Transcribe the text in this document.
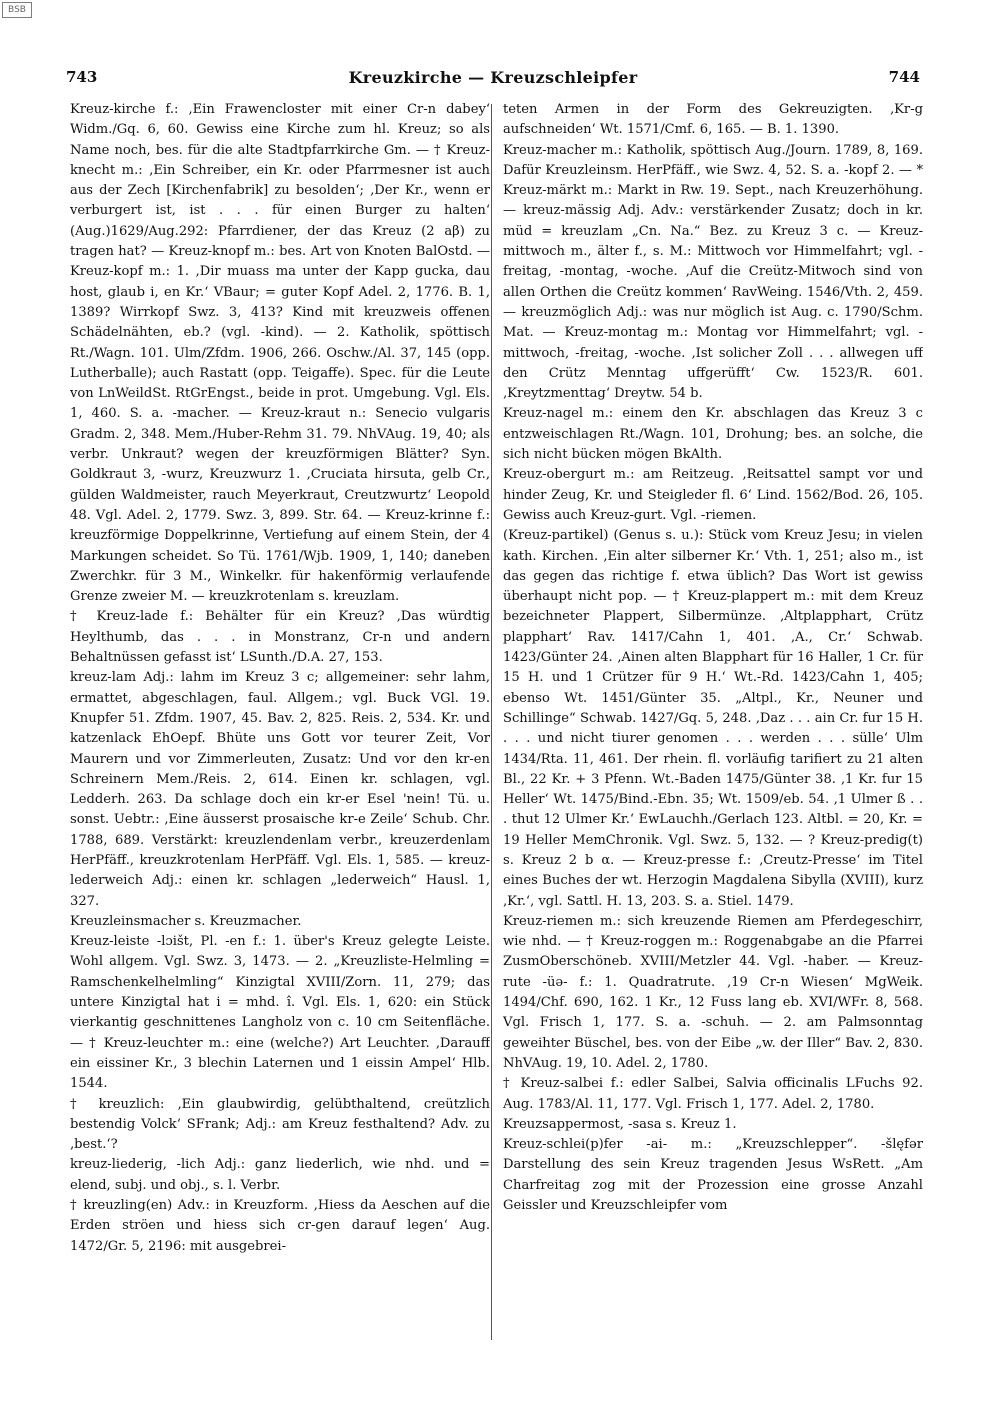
BSB
743	Kreuzkirche — Kreuzschleipfer	744

Kreuz-kirche f.: ‚Ein Frawencloster mit einer Cr-n dabey‘ Widm./Gq. 6, 60. Gewiss eine Kirche zum hl. Kreuz; so als Name noch, bes. für die alte Stadtpfarrkirche Gm. — † Kreuz-knecht m.: ‚Ein Schreiber, ein Kr. oder Pfarrmesner ist auch aus der Zech [Kirchenfabrik] zu besolden‘; ‚Der Kr., wenn er verburgert ist, ist . . . für einen Burger zu halten‘ (Aug.)1629/Aug.292: Pfarrdiener, der das Kreuz (2 aβ) zu tragen hat? — Kreuz-knopf m.: bes. Art von Knoten BalOstd. — Kreuz-kopf m.: 1. ‚Dir muass ma unter der Kapp gucka, dau host, glaub i, en Kr.‘ VBaur; = guter Kopf Adel. 2, 1776. B. 1, 1389? Wirrkopf Swz. 3, 413? Kind mit kreuzweis offenen Schädelnähten, eb.? (vgl. -kind). — 2. Katholik, spöttisch Rt./Wagn. 101. Ulm/Zfdm. 1906, 266. Oschw./Al. 37, 145 (opp. Lutherballe); auch Rastatt (opp. Teigaffe). Spec. für die Leute von LnWeildSt. RtGrEngst., beide in prot. Umgebung. Vgl. Els. 1, 460. S. a. -macher. — Kreuz-kraut n.: Senecio vulgaris Gradm. 2, 348. Mem./Huber-Rehm 31. 79. NhVAug. 19, 40; als verbr. Unkraut? wegen der kreuzförmigen Blätter? Syn. Goldkraut 3, -wurz, Kreuzwurz 1. ‚Cruciata hirsuta, gelb Cr., gülden Waldmeister, rauch Meyerkraut, Creutzwurtz‘ Leopold 48. Vgl. Adel. 2, 1779. Swz. 3, 899. Str. 64. — Kreuz-krinne f.: kreuzförmige Doppelkrinne, Vertiefung auf einem Stein, der 4 Markungen scheidet. So Tü. 1761/Wjb. 1909, 1, 140; daneben Zwerchkr. für 3 M., Winkelkr. für hakenförmig verlaufende Grenze zweier M. — kreuzkrotenlam s. kreuzlam.

† Kreuz-lade f.: Behälter für ein Kreuz? ‚Das würdtig Heylthumb, das . . . in Monstranz, Cr-n und andern Behaltnüssen gefasst ist‘ LSunth./D.A. 27, 153.

kreuz-lam Adj.: lahm im Kreuz 3 c; allgemeiner: sehr lahm, ermattet, abgeschlagen, faul. Allgem.; vgl. Buck VGl. 19. Knupfer 51. Zfdm. 1907, 45. Bav. 2, 825. Reis. 2, 534. Kr. und katzenlack EhOepf. Bhüte uns Gott vor teurer Zeit, Vor Maurern und vor Zimmerleuten, Zusatz: Und vor den kr-en Schreinern Mem./Reis. 2, 614. Einen kr. schlagen, vgl. Ledderh. 263. Da schlage doch ein kr-er Esel 'nein! Tü. u. sonst. Uebtr.: ‚Eine äusserst prosaische kr-e Zeile‘ Schub. Chr. 1788, 689. Verstärkt: kreuzlendenlam verbr., kreuzerdenlam HerPfäff., kreuzkrotenlam HerPfäff. Vgl. Els. 1, 585. — kreuz-lederweich Adj.: einen kr. schlagen „lederweich“ Hausl. 1, 327.

Kreuzleinsmacher s. Kreuzmacher.

Kreuz-leiste -lɔišt, Pl. -en f.: 1. über's Kreuz gelegte Leiste. Wohl allgem. Vgl. Swz. 3, 1473. — 2. „Kreuzliste-Helmling = Ramschenkelhelmling“ Kinzigtal XVIII/Zorn. 11, 279; das untere Kinzigtal hat i = mhd. î. Vgl. Els. 1, 620: ein Stück vierkantig geschnittenes Langholz von c. 10 cm Seitenfläche. — † Kreuz-leuchter m.: eine (welche?) Art Leuchter. ‚Darauff ein eissiner Kr., 3 blechin Laternen und 1 eissin Ampel‘ Hlb. 1544.

† kreuzlich: ‚Ein glaubwirdig, gelübthaltend, creützlich bestendig Volck‘ SFrank; Adj.: am Kreuz festhaltend? Adv. zu ‚best.‘?

kreuz-liederig, -lich Adj.: ganz liederlich, wie nhd. und = elend, subj. und obj., s. l. Verbr.

† kreuzling(en) Adv.: in Kreuzform. ‚Hiess da Aeschen auf die Erden ströen und hiess sich cr-gen darauf legen‘ Aug. 1472/Gr. 5, 2196: mit ausgebrei-

teten Armen in der Form des Gekreuzigten. ‚Kr-g aufschneiden‘ Wt. 1571/Cmf. 6, 165. — B. 1. 1390.

Kreuz-macher m.: Katholik, spöttisch Aug./Journ. 1789, 8, 169. Dafür Kreuzleinsm. HerPfäff., wie Swz. 4, 52. S. a. -kopf 2. — * Kreuz-märkt m.: Markt in Rw. 19. Sept., nach Kreuzerhöhung. — kreuz-mässig Adj. Adv.: verstärkender Zusatz; doch in kr. müd = kreuzlam „Cn. Na.“ Bez. zu Kreuz 3 c. — Kreuz-mittwoch m., älter f., s. M.: Mittwoch vor Himmelfahrt; vgl. -freitag, -montag, -woche. ‚Auf die Creütz-Mitwoch sind von allen Orthen die Creütz kommen‘ RavWeing. 1546/Vth. 2, 459. — kreuzmöglich Adj.: was nur möglich ist Aug. c. 1790/Schm. Mat. — Kreuz-montag m.: Montag vor Himmelfahrt; vgl. -mittwoch, -freitag, -woche. ‚Ist solicher Zoll . . . allwegen uff den Crütz Menntag uffgerüfft‘ Cw. 1523/R. 601. ‚Kreytzmenttag‘ Dreytw. 54 b.

Kreuz-nagel m.: einem den Kr. abschlagen das Kreuz 3 c entzweischlagen Rt./Wagn. 101, Drohung; bes. an solche, die sich nicht bücken mögen BkAlth.

Kreuz-obergurt m.: am Reitzeug. ‚Reitsattel sampt vor und hinder Zeug, Kr. und Steigleder fl. 6‘ Lind. 1562/Bod. 26, 105. Gewiss auch Kreuz-gurt. Vgl. -riemen.

(Kreuz-partikel) (Genus s. u.): Stück vom Kreuz Jesu; in vielen kath. Kirchen. ‚Ein alter silberner Kr.‘ Vth. 1, 251; also m., ist das gegen das richtige f. etwa üblich? Das Wort ist gewiss überhaupt nicht pop. — † Kreuz-plappert m.: mit dem Kreuz bezeichneter Plappert, Silbermünze. ‚Altplapphart, Crütz plapphart‘ Rav. 1417/Cahn 1, 401. ‚A., Cr.‘ Schwab. 1423/Günter 24. ‚Ainen alten Blapphart für 16 Haller, 1 Cr. für 15 H. und 1 Crützer für 9 H.‘ Wt.-Rd. 1423/Cahn 1, 405; ebenso Wt. 1451/Günter 35. „Altpl., Kr., Neuner und Schillinge“ Schwab. 1427/Gq. 5, 248. ‚Daz . . . ain Cr. fur 15 H. . . . und nicht tiurer genomen . . . werden . . . sülle‘ Ulm 1434/Rta. 11, 461. Der rhein. fl. vorläufig tarifiert zu 21 alten Bl., 22 Kr. + 3 Pfenn. Wt.-Baden 1475/Günter 38. ‚1 Kr. fur 15 Heller‘ Wt. 1475/Bind.-Ebn. 35; Wt. 1509/eb. 54. ‚1 Ulmer ß . . . thut 12 Ulmer Kr.‘ EwLauchh./Gerlach 123. Altbl. = 20, Kr. = 19 Heller MemChronik. Vgl. Swz. 5, 132. — ? Kreuz-predig(t) s. Kreuz 2 b α. — Kreuz-presse f.: ‚Creutz-Presse‘ im Titel eines Buches der wt. Herzogin Magdalena Sibylla (XVIII), kurz ‚Kr.‘, vgl. Sattl. H. 13, 203. S. a. Stiel. 1479.

Kreuz-riemen m.: sich kreuzende Riemen am Pferdegeschirr, wie nhd. — † Kreuz-roggen m.: Roggenabgabe an die Pfarrei ZusmOberschöneb. XVIII/Metzler 44. Vgl. -haber. — Kreuz-rute -üə- f.: 1. Quadratrute. ‚19 Cr-n Wiesen‘ MgWeik. 1494/Chf. 690, 162. 1 Kr., 12 Fuss lang eb. XVI/WFr. 8, 568. Vgl. Frisch 1, 177. S. a. -schuh. — 2. am Palmsonntag geweihter Büschel, bes. von der Eibe „w. der Iller“ Bav. 2, 830. NhVAug. 19, 10. Adel. 2, 1780.

† Kreuz-salbei f.: edler Salbei, Salvia officinalis LFuchs 92. Aug. 1783/Al. 11, 177. Vgl. Frisch 1, 177. Adel. 2, 1780.

Kreuzsappermost, -sasa s. Kreuz 1.

Kreuz-schlei(p)fer -ai- m.: „Kreuzschlepper“. -šlęfər Darstellung des sein Kreuz tragenden Jesus WsRett. „Am Charfreitag zog mit der Prozession eine grosse Anzahl Geissler und Kreuzschleipfer vom
